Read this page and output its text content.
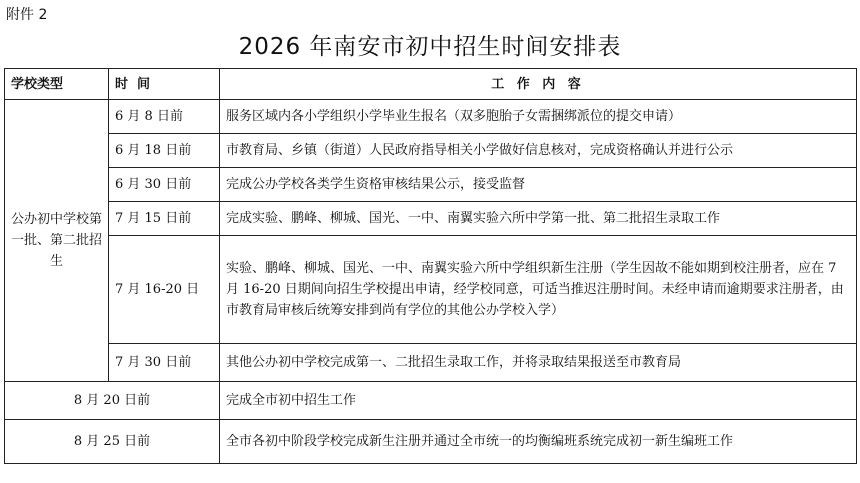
附件 2
2026 年南安市初中招生时间安排表
学校类型	时  间	工 作 内 容
公办初中学校第一批、第二批招生	6 月 8 日前	服务区域内各小学组织小学毕业生报名（双多胞胎子女需捆绑派位的提交申请）
	6 月 18 日前	市教育局、乡镇（街道）人民政府指导相关小学做好信息核对，完成资格确认并进行公示
	6 月 30 日前	完成公办学校各类学生资格审核结果公示，接受监督
	7 月 15 日前	完成实验、鹏峰、柳城、国光、一中、南翼实验六所中学第一批、第二批招生录取工作
	7 月 16-20 日	实验、鹏峰、柳城、国光、一中、南翼实验六所中学组织新生注册（学生因故不能如期到校注册者，应在 7 月 16-20 日期间向招生学校提出申请，经学校同意，可适当推迟注册时间。未经申请而逾期要求注册者，由市教育局审核后统筹安排到尚有学位的其他公办学校入学）
	7 月 30 日前	其他公办初中学校完成第一、二批招生录取工作，并将录取结果报送至市教育局
8 月 20 日前		完成全市初中招生工作
8 月 25 日前		全市各初中阶段学校完成新生注册并通过全市统一的均衡编班系统完成初一新生编班工作
